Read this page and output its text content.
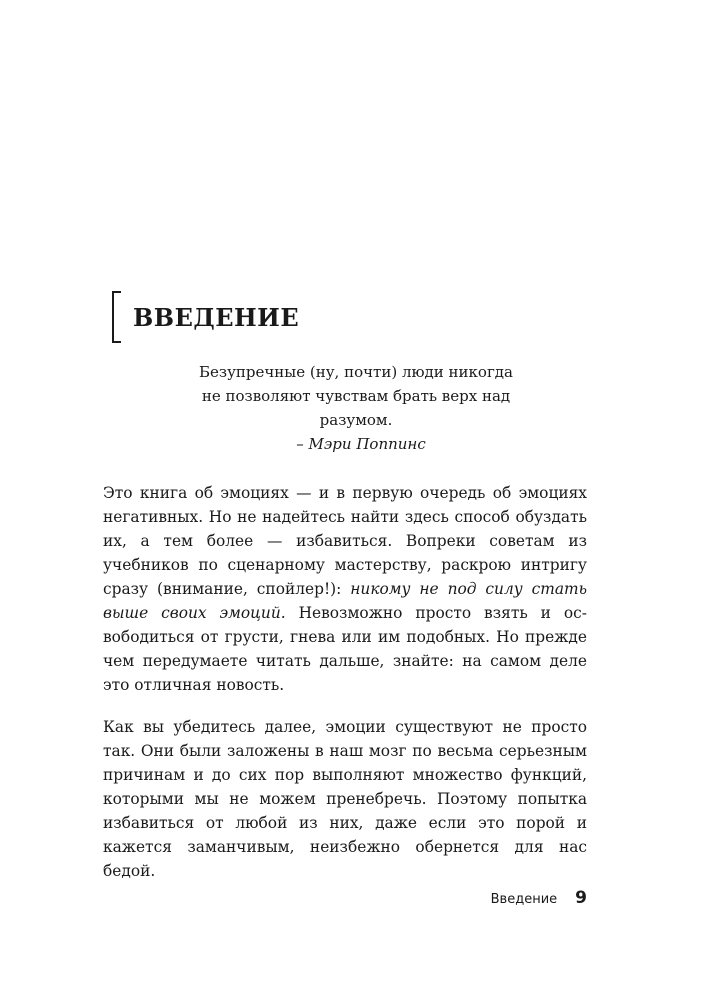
ВВЕДЕНИЕ
Безупречные (ну, почти) люди никогда
не позволяют чувствам брать верх над
разумом.
– Мэри Поппинс

Это книга об эмоциях — и в первую очередь об эмоциях негативных. Но не надейтесь найти здесь способ обуздать их, а тем более — избавиться. Вопреки советам из учебников по сценарному мастерству, раскрою интригу сразу (внимание, спойлер!): никому не под силу стать выше своих эмоций. Невозможно просто взять и освободиться от грусти, гнева или им подобных. Но прежде чем передумаете читать дальше, знайте: на самом деле это отличная новость.

Как вы убедитесь далее, эмоции существуют не просто так. Они были заложены в наш мозг по весьма серьезным причинам и до сих пор выполняют множество функций, которыми мы не можем пренебречь. Поэтому попытка избавиться от любой из них, даже если это порой и кажется заманчивым, неизбежно обернется для нас бедой.

Введение 9
